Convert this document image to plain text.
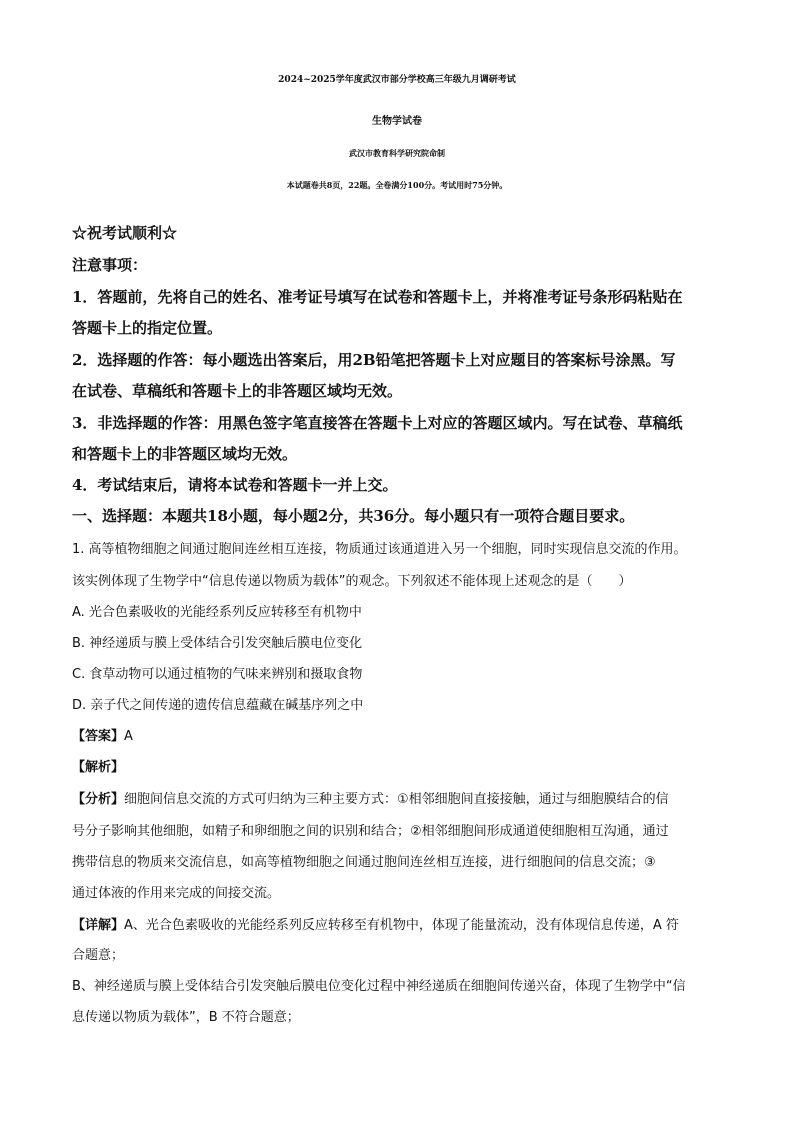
2024~2025学年度武汉市部分学校高三年级九月调研考试
生物学试卷
武汉市教育科学研究院命制
本试题卷共8页，22题。全卷满分100分。考试用时75分钟。
☆祝考试顺利☆
注意事项：
1．答题前，先将自己的姓名、准考证号填写在试卷和答题卡上，并将准考证号条形码粘贴在
答题卡上的指定位置。
2．选择题的作答：每小题选出答案后，用2B铅笔把答题卡上对应题目的答案标号涂黑。写
在试卷、草稿纸和答题卡上的非答题区域均无效。
3．非选择题的作答：用黑色签字笔直接答在答题卡上对应的答题区域内。写在试卷、草稿纸
和答题卡上的非答题区域均无效。
4．考试结束后，请将本试卷和答题卡一并上交。
一、选择题：本题共18小题，每小题2分，共36分。每小题只有一项符合题目要求。
1. 高等植物细胞之间通过胞间连丝相互连接，物质通过该通道进入另一个细胞，同时实现信息交流的作用。
该实例体现了生物学中“信息传递以物质为载体”的观念。下列叙述不能体现上述观念的是（　　）
A. 光合色素吸收的光能经系列反应转移至有机物中
B. 神经递质与膜上受体结合引发突触后膜电位变化
C. 食草动物可以通过植物的气味来辨别和摄取食物
D. 亲子代之间传递的遗传信息蕴藏在碱基序列之中
【答案】A
【解析】
【分析】细胞间信息交流的方式可归纳为三种主要方式：①相邻细胞间直接接触，通过与细胞膜结合的信
号分子影响其他细胞，如精子和卵细胞之间的识别和结合；②相邻细胞间形成通道使细胞相互沟通，通过
携带信息的物质来交流信息，如高等植物细胞之间通过胞间连丝相互连接，进行细胞间的信息交流；③
通过体液的作用来完成的间接交流。
【详解】A、光合色素吸收的光能经系列反应转移至有机物中，体现了能量流动，没有体现信息传递，A 符
合题意；
B、神经递质与膜上受体结合引发突触后膜电位变化过程中神经递质在细胞间传递兴奋，体现了生物学中“信
息传递以物质为载体”，B 不符合题意；
